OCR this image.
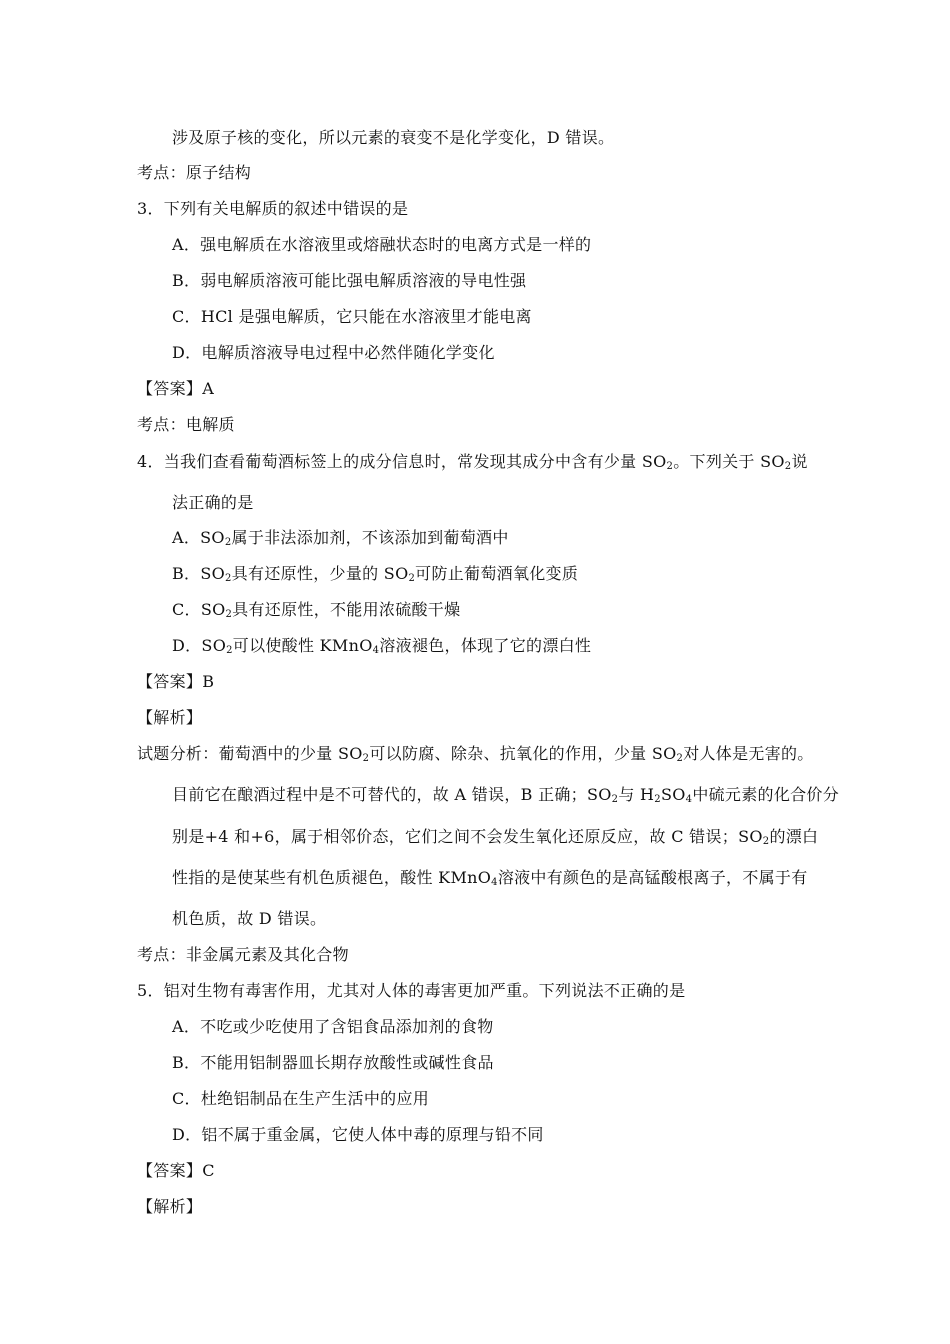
涉及原子核的变化，所以元素的衰变不是化学变化，D 错误。
考点：原子结构
3．下列有关电解质的叙述中错误的是
A．强电解质在水溶液里或熔融状态时的电离方式是一样的
B．弱电解质溶液可能比强电解质溶液的导电性强
C．HCl 是强电解质，它只能在水溶液里才能电离
D．电解质溶液导电过程中必然伴随化学变化
【答案】A
考点：电解质
4．当我们查看葡萄酒标签上的成分信息时，常发现其成分中含有少量 $SO_2$。下列关于 $SO_2$说
法正确的是
A．$SO_2$属于非法添加剂，不该添加到葡萄酒中
B．$SO_2$具有还原性，少量的 $SO_2$可防止葡萄酒氧化变质
C．$SO_2$具有还原性，不能用浓硫酸干燥
D．$SO_2$可以使酸性 KMnO$_4$溶液褪色，体现了它的漂白性
【答案】B
【解析】
试题分析：葡萄酒中的少量 $SO_2$可以防腐、除杂、抗氧化的作用，少量 $SO_2$对人体是无害的。
目前它在酿酒过程中是不可替代的，故 A 错误，B 正确；$SO_2$与 $H_2SO_4$中硫元素的化合价分
别是+4 和+6，属于相邻价态，它们之间不会发生氧化还原反应，故 C 错误；$SO_2$的漂白
性指的是使某些有机色质褪色，酸性 KMnO$_4$溶液中有颜色的是高锰酸根离子，不属于有
机色质，故 D 错误。
考点：非金属元素及其化合物
5．铝对生物有毒害作用，尤其对人体的毒害更加严重。下列说法不正确的是
A．不吃或少吃使用了含铝食品添加剂的食物
B．不能用铝制器皿长期存放酸性或碱性食品
C．杜绝铝制品在生产生活中的应用
D．铝不属于重金属，它使人体中毒的原理与铅不同
【答案】C
【解析】
